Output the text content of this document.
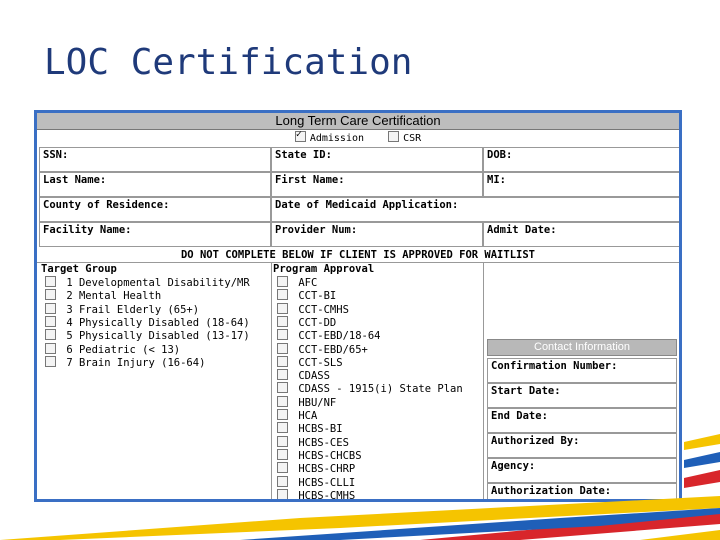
LOC Certification
Long Term Care Certification
✓Admission	CSR
SSN:	State ID:	DOB:
Last Name:	First Name:	MI:
County of Residence:	Date of Medicaid Application:
Facility Name:	Provider Num:	Admit Date:
DO NOT COMPLETE BELOW IF CLIENT IS APPROVED FOR WAITLIST
Target Group	Program Approval
1 Developmental Disability/MR
2 Mental Health
3 Frail Elderly (65+)
4 Physically Disabled (18-64)
5 Physically Disabled (13-17)
6 Pediatric (< 13)
7 Brain Injury (16-64)
AFC
CCT-BI
CCT-CMHS
CCT-DD
CCT-EBD/18-64
CCT-EBD/65+
CCT-SLS
CDASS
CDASS - 1915(i) State Plan
HBU/NF
HCA
HCBS-BI
HCBS-CES
HCBS-CHCBS
HCBS-CHRP
HCBS-CLLI
HCBS-CMHS
Contact Information
Confirmation Number:
Start Date:
End Date:
Authorized By:
Agency:
Authorization Date:
